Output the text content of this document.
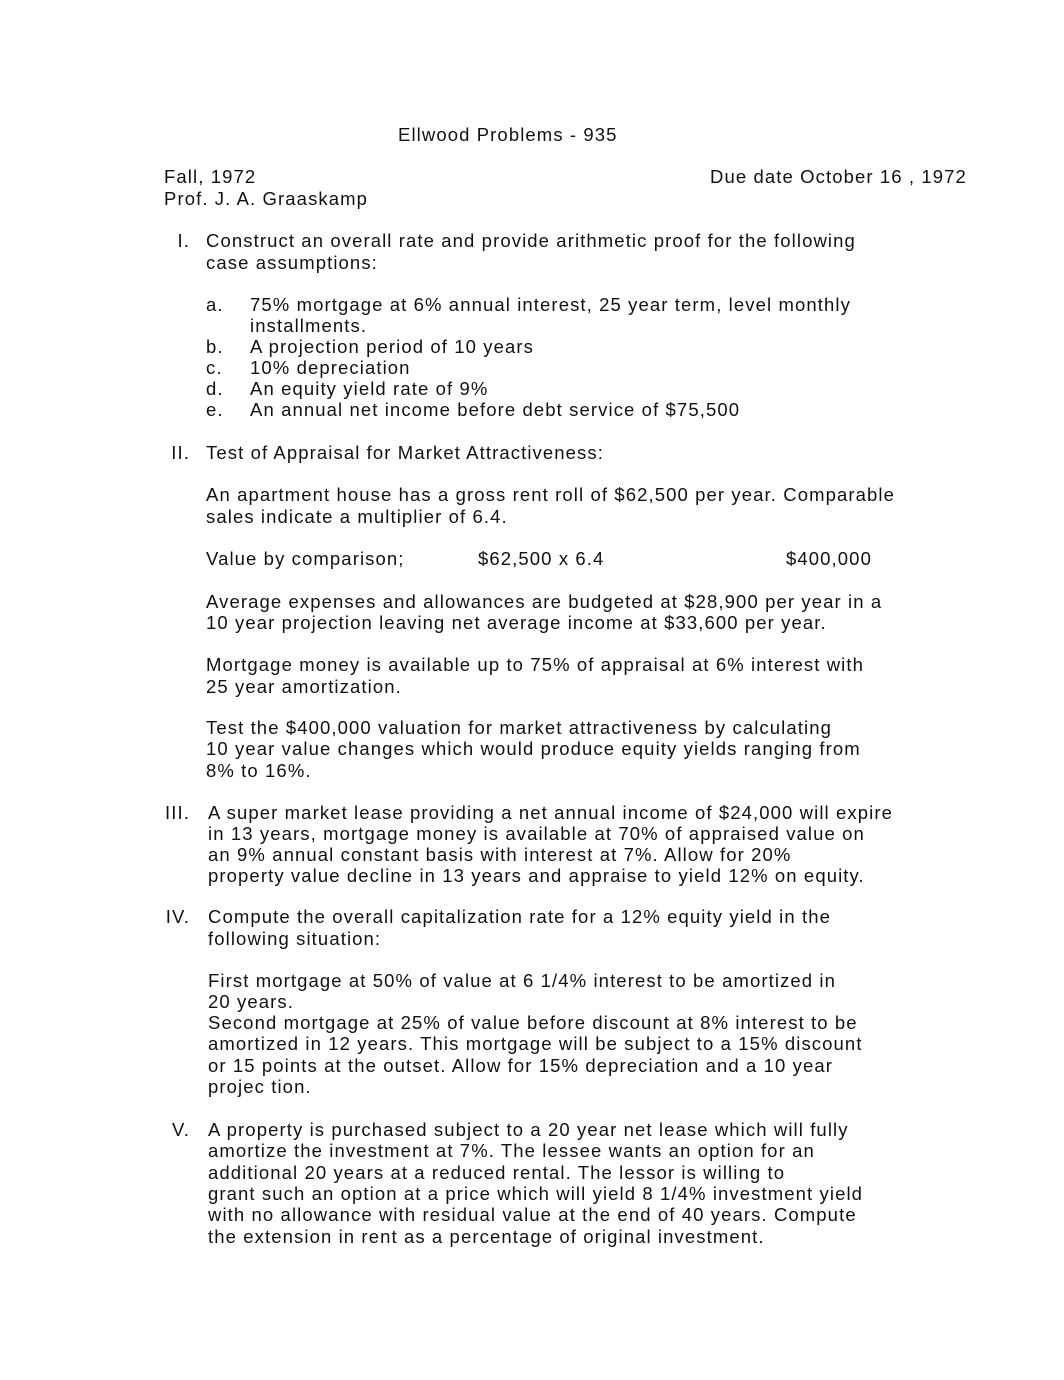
Ellwood Problems - 935
Fall, 1972
Prof. J. A. Graaskamp
Due date October 16 , 1972
I. Construct an overall rate and provide arithmetic proof for the following
case assumptions:
a. 75% mortgage at 6% annual interest, 25 year term, level monthly
installments.
b. A projection period of 10 years
c. 10% depreciation
d. An equity yield rate of 9%
e. An annual net income before debt service of $75,500
II. Test of Appraisal for Market Attractiveness:
An apartment house has a gross rent roll of $62,500 per year. Comparable
sales indicate a multiplier of 6.4.
Value by comparison;	$62,500 x 6.4	$400,000
Average expenses and allowances are budgeted at $28,900 per year in a
10 year projection leaving net average income at $33,600 per year.
Mortgage money is available up to 75% of appraisal at 6% interest with
25 year amortization.
Test the $400,000 valuation for market attractiveness by calculating
10 year value changes which would produce equity yields ranging from
8% to 16%.
III. A super market lease providing a net annual income of $24,000 will expire
in 13 years, mortgage money is available at 70% of appraised value on
an 9% annual constant basis with interest at 7%. Allow for 20%
property value decline in 13 years and appraise to yield 12% on equity.
IV. Compute the overall capitalization rate for a 12% equity yield in the
following situation:
First mortgage at 50% of value at 6 1/4% interest to be amortized in
20 years.
Second mortgage at 25% of value before discount at 8% interest to be
amortized in 12 years. This mortgage will be subject to a 15% discount
or 15 points at the outset. Allow for 15% depreciation and a 10 year
projec tion.
V. A property is purchased subject to a 20 year net lease which will fully
amortize the investment at 7%. The lessee wants an option for an
additional 20 years at a reduced rental. The lessor is willing to
grant such an option at a price which will yield 8 1/4% investment yield
with no allowance with residual value at the end of 40 years. Compute
the extension in rent as a percentage of original investment.
